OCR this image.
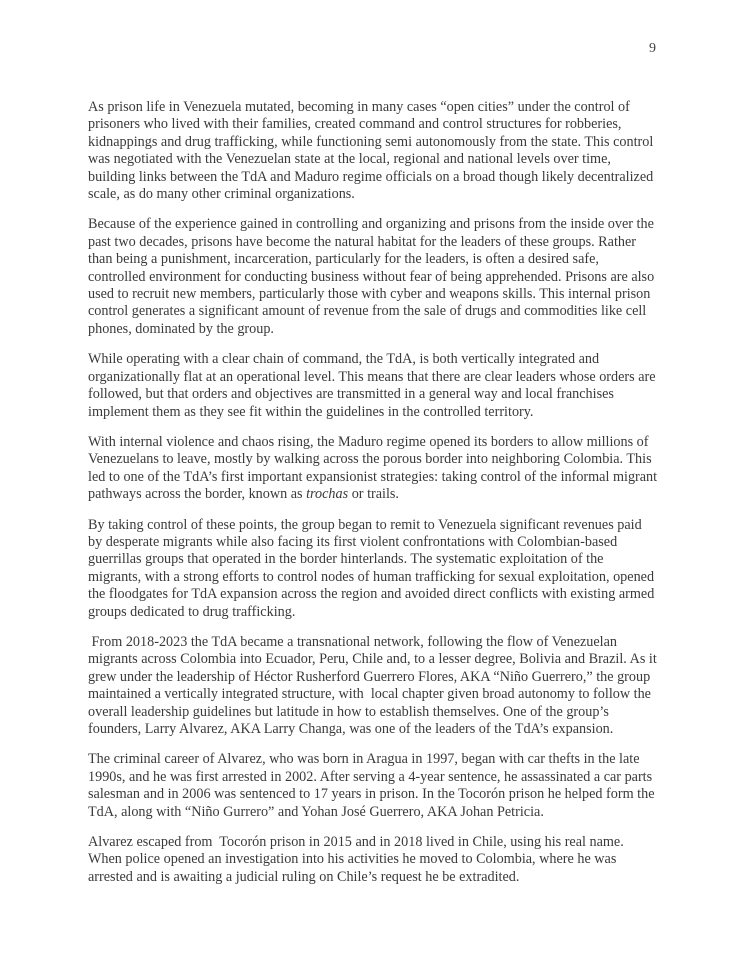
9

As prison life in Venezuela mutated, becoming in many cases “open cities” under the control of prisoners who lived with their families, created command and control structures for robberies, kidnappings and drug trafficking, while functioning semi autonomously from the state. This control was negotiated with the Venezuelan state at the local, regional and national levels over time, building links between the TdA and Maduro regime officials on a broad though likely decentralized scale, as do many other criminal organizations.

Because of the experience gained in controlling and organizing and prisons from the inside over the past two decades, prisons have become the natural habitat for the leaders of these groups. Rather than being a punishment, incarceration, particularly for the leaders, is often a desired safe, controlled environment for conducting business without fear of being apprehended. Prisons are also used to recruit new members, particularly those with cyber and weapons skills. This internal prison control generates a significant amount of revenue from the sale of drugs and commodities like cell phones, dominated by the group.

While operating with a clear chain of command, the TdA, is both vertically integrated and organizationally flat at an operational level. This means that there are clear leaders whose orders are followed, but that orders and objectives are transmitted in a general way and local franchises implement them as they see fit within the guidelines in the controlled territory.

With internal violence and chaos rising, the Maduro regime opened its borders to allow millions of Venezuelans to leave, mostly by walking across the porous border into neighboring Colombia. This led to one of the TdA’s first important expansionist strategies: taking control of the informal migrant pathways across the border, known as trochas or trails.

By taking control of these points, the group began to remit to Venezuela significant revenues paid by desperate migrants while also facing its first violent confrontations with Colombian-based guerrillas groups that operated in the border hinterlands. The systematic exploitation of the migrants, with a strong efforts to control nodes of human trafficking for sexual exploitation, opened the floodgates for TdA expansion across the region and avoided direct conflicts with existing armed groups dedicated to drug trafficking.

From 2018-2023 the TdA became a transnational network, following the flow of Venezuelan migrants across Colombia into Ecuador, Peru, Chile and, to a lesser degree, Bolivia and Brazil. As it grew under the leadership of Héctor Rusherford Guerrero Flores, AKA “Niño Guerrero,” the group maintained a vertically integrated structure, with  local chapter given broad autonomy to follow the overall leadership guidelines but latitude in how to establish themselves. One of the group’s founders, Larry Alvarez, AKA Larry Changa, was one of the leaders of the TdA’s expansion.

The criminal career of Alvarez, who was born in Aragua in 1997, began with car thefts in the late 1990s, and he was first arrested in 2002. After serving a 4-year sentence, he assassinated a car parts salesman and in 2006 was sentenced to 17 years in prison. In the Tocorón prison he helped form the TdA, along with “Niño Gurrero” and Yohan José Guerrero, AKA Johan Petricia.

Alvarez escaped from  Tocorón prison in 2015 and in 2018 lived in Chile, using his real name. When police opened an investigation into his activities he moved to Colombia, where he was arrested and is awaiting a judicial ruling on Chile’s request he be extradited.
